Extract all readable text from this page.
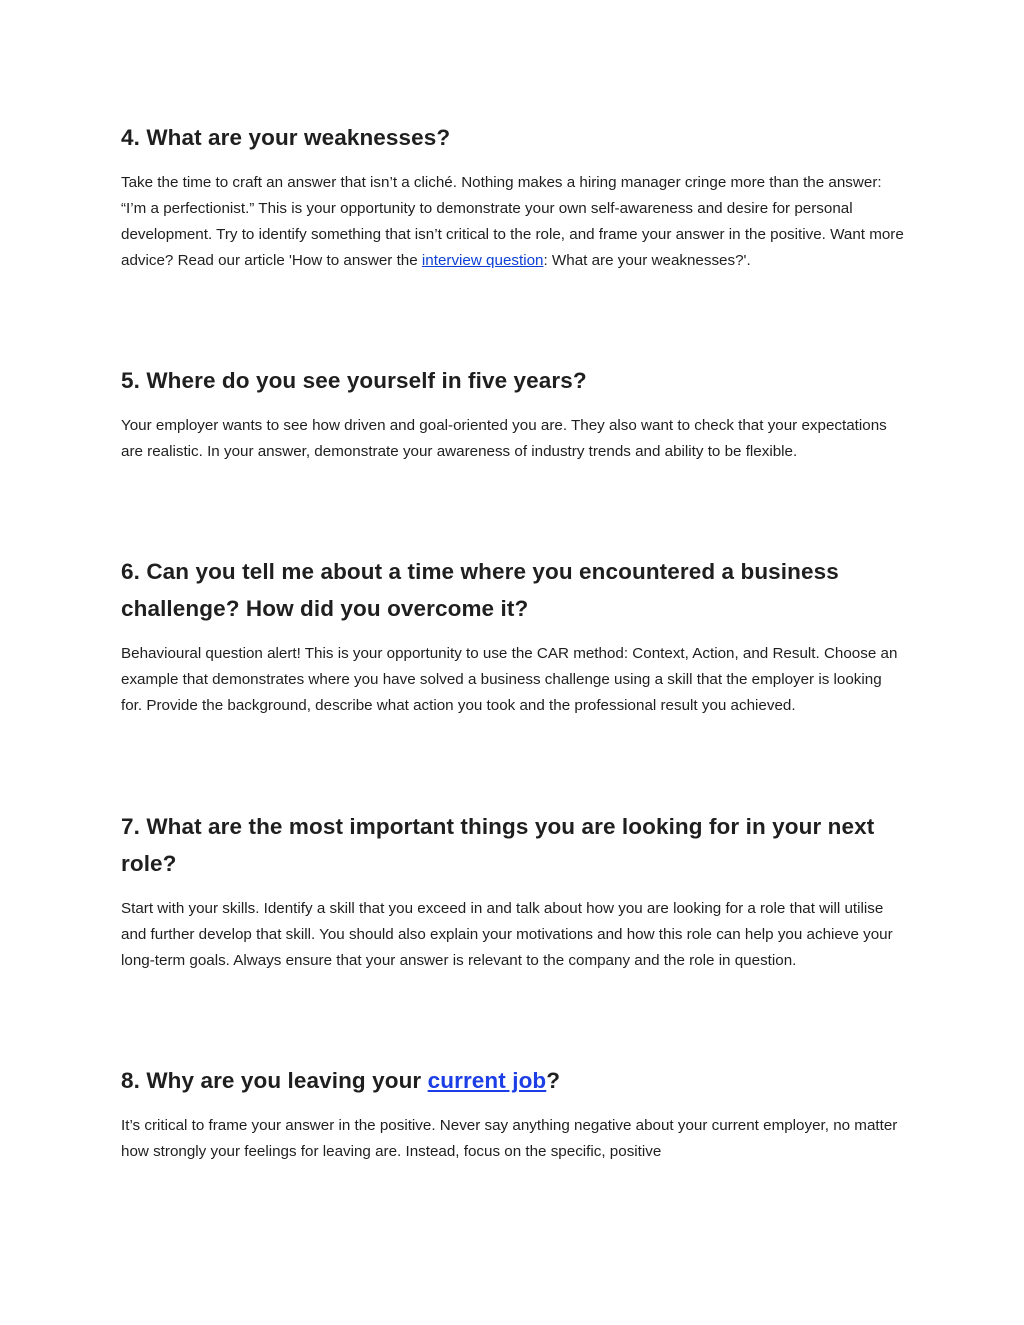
4. What are your weaknesses?

Take the time to craft an answer that isn’t a cliché. Nothing makes a hiring manager cringe more than the answer: “I’m a perfectionist.” This is your opportunity to demonstrate your own self-awareness and desire for personal development. Try to identify something that isn’t critical to the role, and frame your answer in the positive. Want more advice? Read our article 'How to answer the interview question: What are your weaknesses?'.

5. Where do you see yourself in five years?

Your employer wants to see how driven and goal-oriented you are. They also want to check that your expectations are realistic. In your answer, demonstrate your awareness of industry trends and ability to be flexible.

6. Can you tell me about a time where you encountered a business challenge? How did you overcome it?

Behavioural question alert! This is your opportunity to use the CAR method: Context, Action, and Result. Choose an example that demonstrates where you have solved a business challenge using a skill that the employer is looking for. Provide the background, describe what action you took and the professional result you achieved.

7. What are the most important things you are looking for in your next role?

Start with your skills. Identify a skill that you exceed in and talk about how you are looking for a role that will utilise and further develop that skill. You should also explain your motivations and how this role can help you achieve your long-term goals. Always ensure that your answer is relevant to the company and the role in question.

8. Why are you leaving your current job?

It’s critical to frame your answer in the positive. Never say anything negative about your current employer, no matter how strongly your feelings for leaving are. Instead, focus on the specific, positive
